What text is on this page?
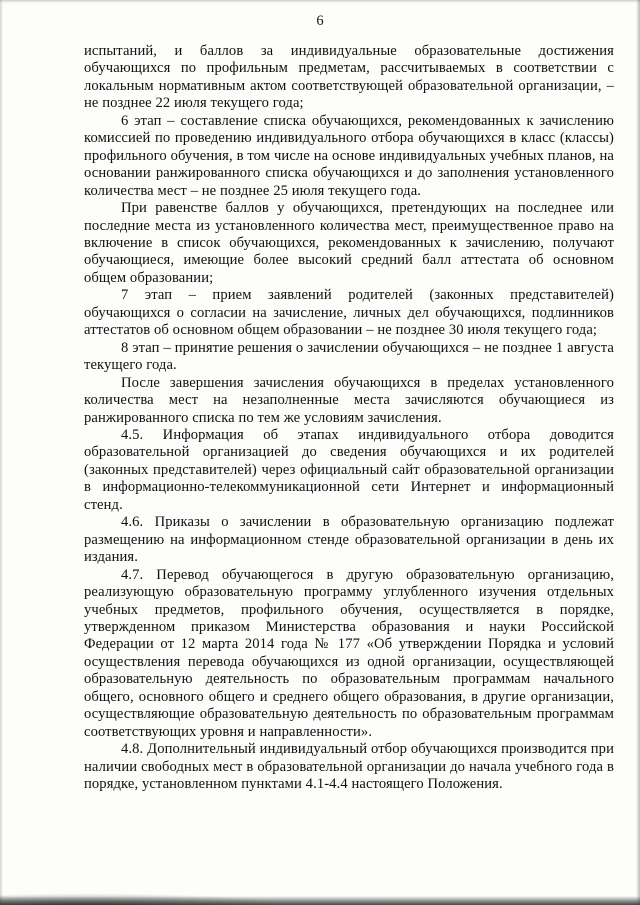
6

испытаний, и баллов за индивидуальные образовательные достижения обучающихся по профильным предметам, рассчитываемых в соответствии с локальным нормативным актом соответствующей образовательной организации, – не позднее 22 июля текущего года;

6 этап – составление списка обучающихся, рекомендованных к зачислению комиссией по проведению индивидуального отбора обучающихся в класс (классы) профильного обучения, в том числе на основе индивидуальных учебных планов, на основании ранжированного списка обучающихся и до заполнения установленного количества мест – не позднее 25 июля текущего года.

При равенстве баллов у обучающихся, претендующих на последнее или последние места из установленного количества мест, преимущественное право на включение в список обучающихся, рекомендованных к зачислению, получают обучающиеся, имеющие более высокий средний балл аттестата об основном общем образовании;

7 этап – прием заявлений родителей (законных представителей) обучающихся о согласии на зачисление, личных дел обучающихся, подлинников аттестатов об основном общем образовании – не позднее 30 июля текущего года;

8 этап – принятие решения о зачислении обучающихся – не позднее 1 августа текущего года.

После завершения зачисления обучающихся в пределах установленного количества мест на незаполненные места зачисляются обучающиеся из ранжированного списка по тем же условиям зачисления.

4.5. Информация об этапах индивидуального отбора доводится образовательной организацией до сведения обучающихся и их родителей (законных представителей) через официальный сайт образовательной организации в информационно-телекоммуникационной сети Интернет и информационный стенд.

4.6. Приказы о зачислении в образовательную организацию подлежат размещению на информационном стенде образовательной организации в день их издания.

4.7. Перевод обучающегося в другую образовательную организацию, реализующую образовательную программу углубленного изучения отдельных учебных предметов, профильного обучения, осуществляется в порядке, утвержденном приказом Министерства образования и науки Российской Федерации от 12 марта 2014 года № 177 «Об утверждении Порядка и условий осуществления перевода обучающихся из одной организации, осуществляющей образовательную деятельность по образовательным программам начального общего, основного общего и среднего общего образования, в другие организации, осуществляющие образовательную деятельность по образовательным программам соответствующих уровня и направленности».

4.8. Дополнительный индивидуальный отбор обучающихся производится при наличии свободных мест в образовательной организации до начала учебного года в порядке, установленном пунктами 4.1-4.4 настоящего Положения.
